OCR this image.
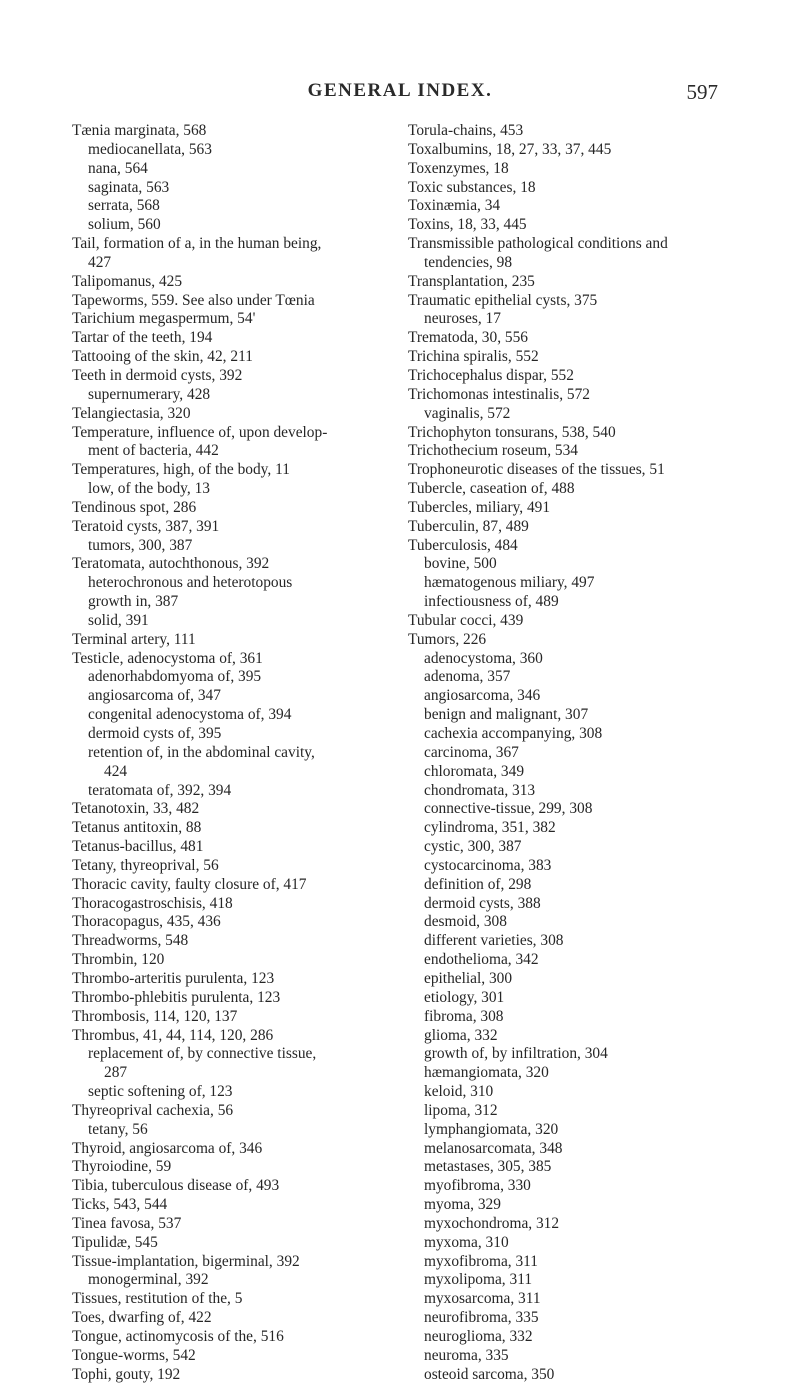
GENERAL INDEX.	597
Tænia marginata, 568
mediocanellata, 563
nana, 564
saginata, 563
serrata, 568
solium, 560
Tail, formation of a, in the human being,
427
Talipomanus, 425
Tapeworms, 559. See also under Tœnia
Tarichium megaspermum, 54'
Tartar of the teeth, 194
Tattooing of the skin, 42, 211
Teeth in dermoid cysts, 392
supernumerary, 428
Telangiectasia, 320
Temperature, influence of, upon develop-
ment of bacteria, 442
Temperatures, high, of the body, 11
low, of the body, 13
Tendinous spot, 286
Teratoid cysts, 387, 391
tumors, 300, 387
Teratomata, autochthonous, 392
heterochronous and heterotopous
growth in, 387
solid, 391
Terminal artery, 111
Testicle, adenocystoma of, 361
adenorhabdomyoma of, 395
angiosarcoma of, 347
congenital adenocystoma of, 394
dermoid cysts of, 395
retention of, in the abdominal cavity,
424
teratomata of, 392, 394
Tetanotoxin, 33, 482
Tetanus antitoxin, 88
Tetanus-bacillus, 481
Tetany, thyreoprival, 56
Thoracic cavity, faulty closure of, 417
Thoracogastroschisis, 418
Thoracopagus, 435, 436
Threadworms, 548
Thrombin, 120
Thrombo-arteritis purulenta, 123
Thrombo-phlebitis purulenta, 123
Thrombosis, 114, 120, 137
Thrombus, 41, 44, 114, 120, 286
replacement of, by connective tissue,
287
septic softening of, 123
Thyreoprival cachexia, 56
tetany, 56
Thyroid, angiosarcoma of, 346
Thyroiodine, 59
Tibia, tuberculous disease of, 493
Ticks, 543, 544
Tinea favosa, 537
Tipulidæ, 545
Tissue-implantation, bigerminal, 392
monogerminal, 392
Tissues, restitution of the, 5
Toes, dwarfing of, 422
Tongue, actinomycosis of the, 516
Tongue-worms, 542
Tophi, gouty, 192
Torula-chains, 453
Toxalbumins, 18, 27, 33, 37, 445
Toxenzymes, 18
Toxic substances, 18
Toxinæmia, 34
Toxins, 18, 33, 445
Transmissible pathological conditions and
tendencies, 98
Transplantation, 235
Traumatic epithelial cysts, 375
neuroses, 17
Trematoda, 30, 556
Trichina spiralis, 552
Trichocephalus dispar, 552
Trichomonas intestinalis, 572
vaginalis, 572
Trichophyton tonsurans, 538, 540
Trichothecium roseum, 534
Trophoneurotic diseases of the tissues, 51
Tubercle, caseation of, 488
Tubercles, miliary, 491
Tuberculin, 87, 489
Tuberculosis, 484
bovine, 500
hæmatogenous miliary, 497
infectiousness of, 489
Tubular cocci, 439
Tumors, 226
adenocystoma, 360
adenoma, 357
angiosarcoma, 346
benign and malignant, 307
cachexia accompanying, 308
carcinoma, 367
chloromata, 349
chondromata, 313
connective-tissue, 299, 308
cylindroma, 351, 382
cystic, 300, 387
cystocarcinoma, 383
definition of, 298
dermoid cysts, 388
desmoid, 308
different varieties, 308
endothelioma, 342
epithelial, 300
etiology, 301
fibroma, 308
glioma, 332
growth of, by infiltration, 304
hæmangiomata, 320
keloid, 310
lipoma, 312
lymphangiomata, 320
melanosarcomata, 348
metastases, 305, 385
myofibroma, 330
myoma, 329
myxochondroma, 312
myxoma, 310
myxofibroma, 311
myxolipoma, 311
myxosarcoma, 311
neurofibroma, 335
neuroglioma, 332
neuroma, 335
osteoid sarcoma, 350
